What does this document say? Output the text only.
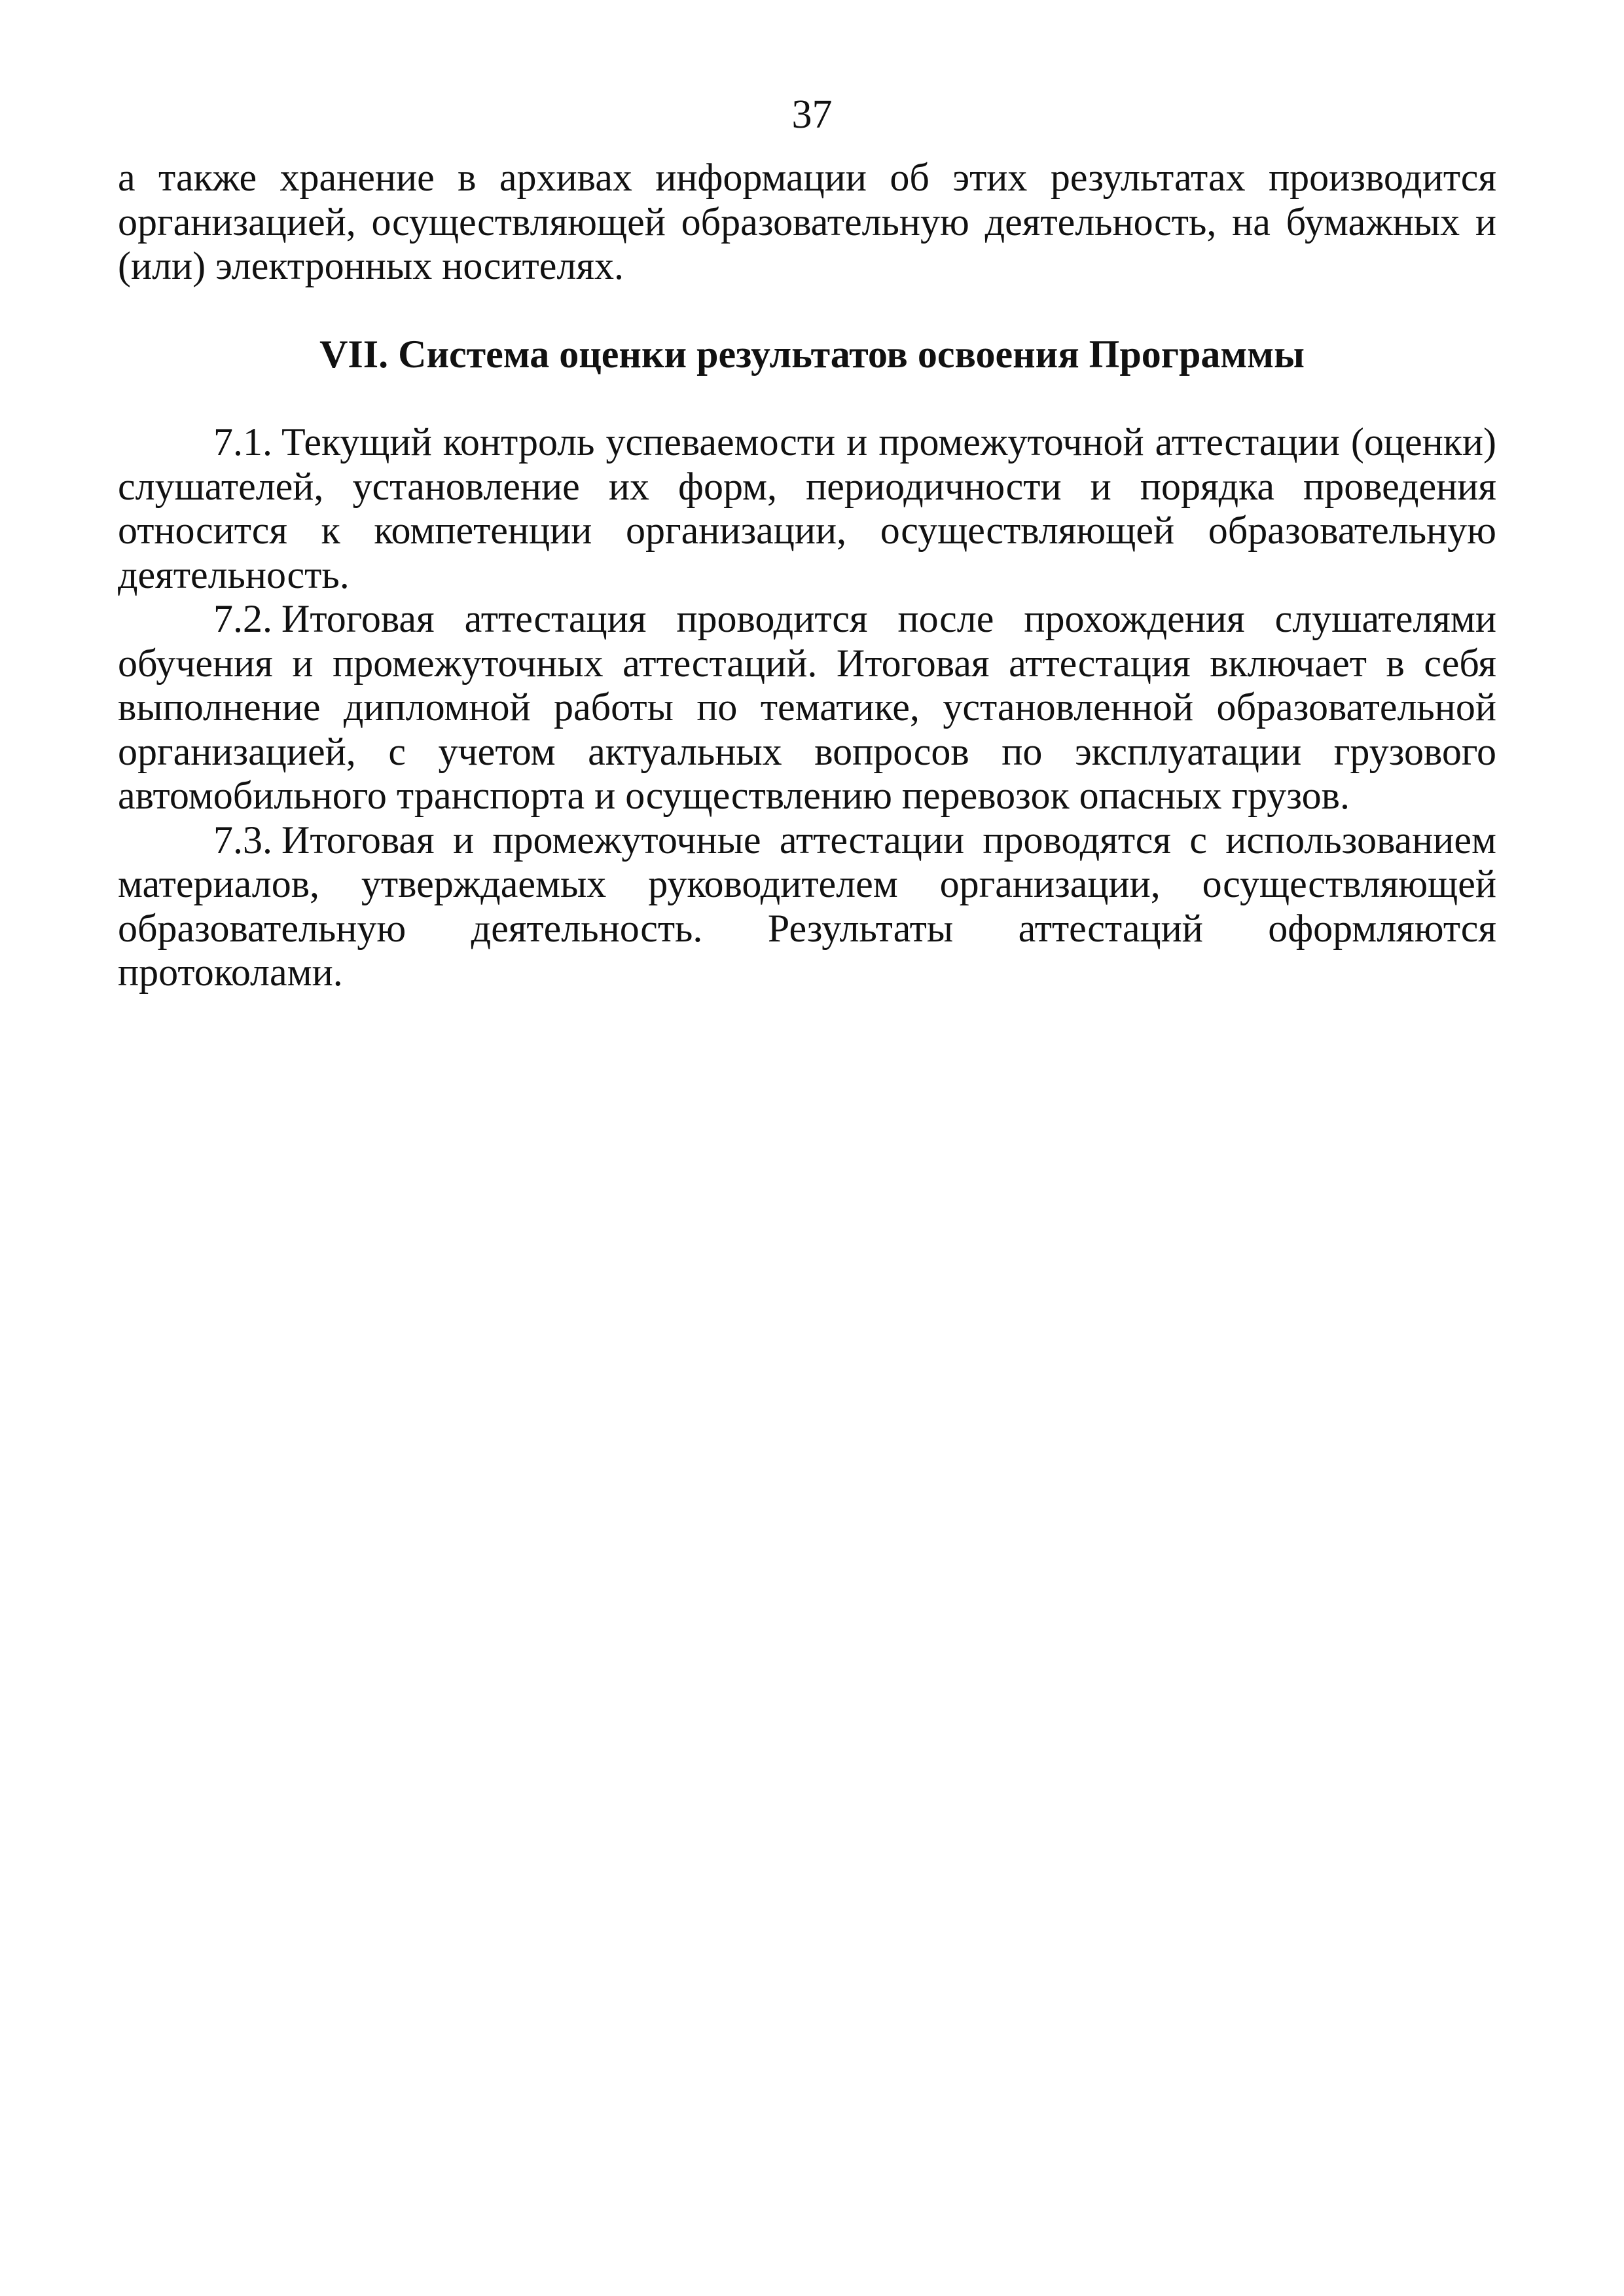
37
а также хранение в архивах информации об этих результатах производится организацией, осуществляющей образовательную деятельность, на бумажных и (или) электронных носителях.
VII. Система оценки результатов освоения Программы

7.1. Текущий контроль успеваемости и промежуточной аттестации (оценки) слушателей, установление их форм, периодичности и порядка проведения относится к компетенции организации, осуществляющей образовательную деятельность.

7.2. Итоговая аттестация проводится после прохождения слушателями обучения и промежуточных аттестаций. Итоговая аттестация включает в себя выполнение дипломной работы по тематике, установленной образовательной организацией, с учетом актуальных вопросов по эксплуатации грузового автомобильного транспорта и осуществлению перевозок опасных грузов.

7.3. Итоговая и промежуточные аттестации проводятся с использованием материалов, утверждаемых руководителем организации, осуществляющей образовательную деятельность. Результаты аттестаций оформляются протоколами.
